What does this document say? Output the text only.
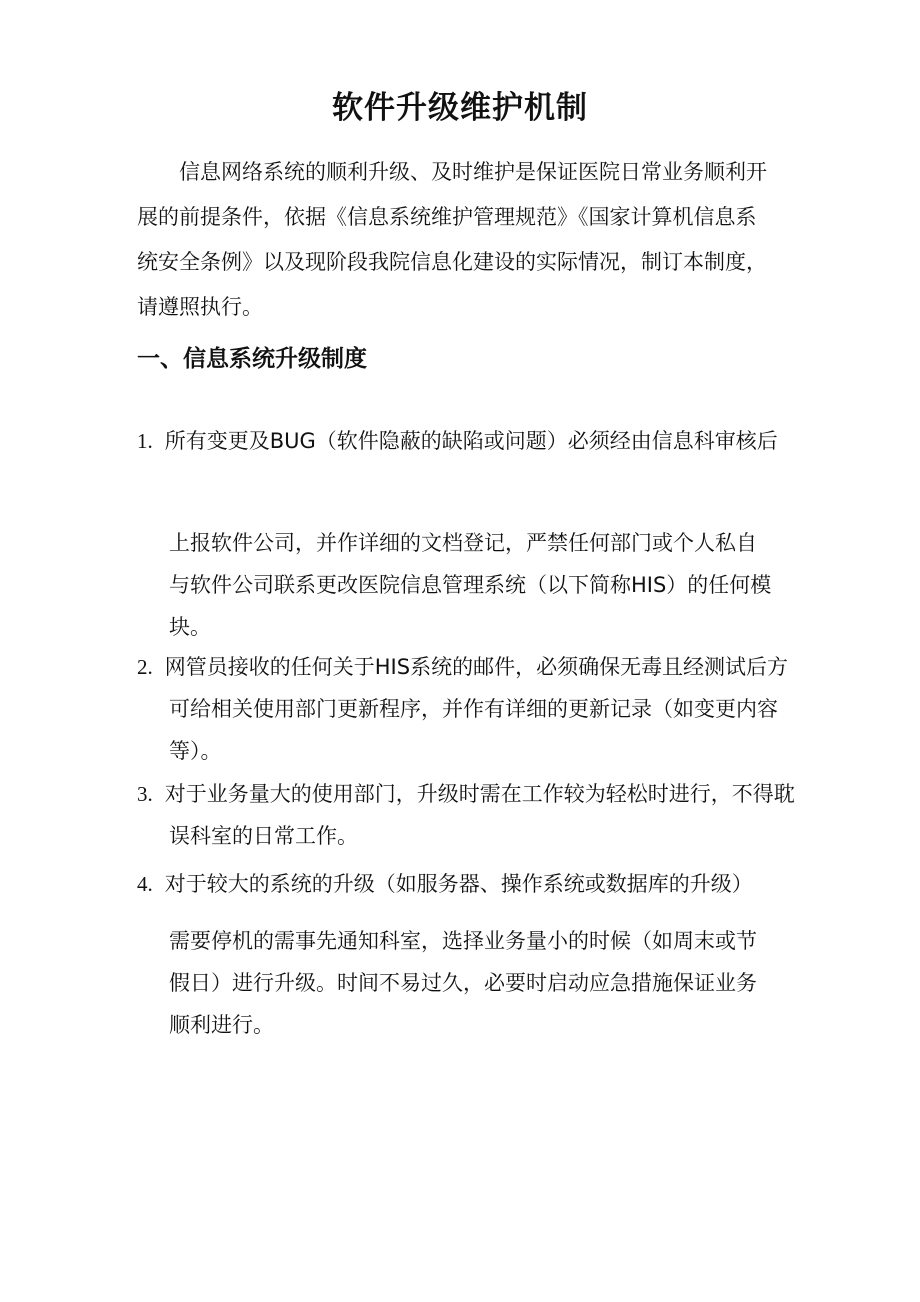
软件升级维护机制
信息网络系统的顺利升级、及时维护是保证医院日常业务顺利开展的前提条件，依据《信息系统维护管理规范》《国家计算机信息系统安全条例》以及现阶段我院信息化建设的实际情况，制订本制度，请遵照执行。
一、信息系统升级制度
1. 所有变更及BUG（软件隐蔽的缺陷或问题）必须经由信息科审核后
上报软件公司，并作详细的文档登记，严禁任何部门或个人私自与软件公司联系更改医院信息管理系统（以下简称HIS）的任何模块。
2. 网管员接收的任何关于HIS系统的邮件，必须确保无毒且经测试后方可给相关使用部门更新程序，并作有详细的更新记录（如变更内容等）。
3. 对于业务量大的使用部门，升级时需在工作较为轻松时进行，不得耽误科室的日常工作。
4. 对于较大的系统的升级（如服务器、操作系统或数据库的升级）
需要停机的需事先通知科室，选择业务量小的时候（如周末或节假日）进行升级。时间不易过久，必要时启动应急措施保证业务顺利进行。
